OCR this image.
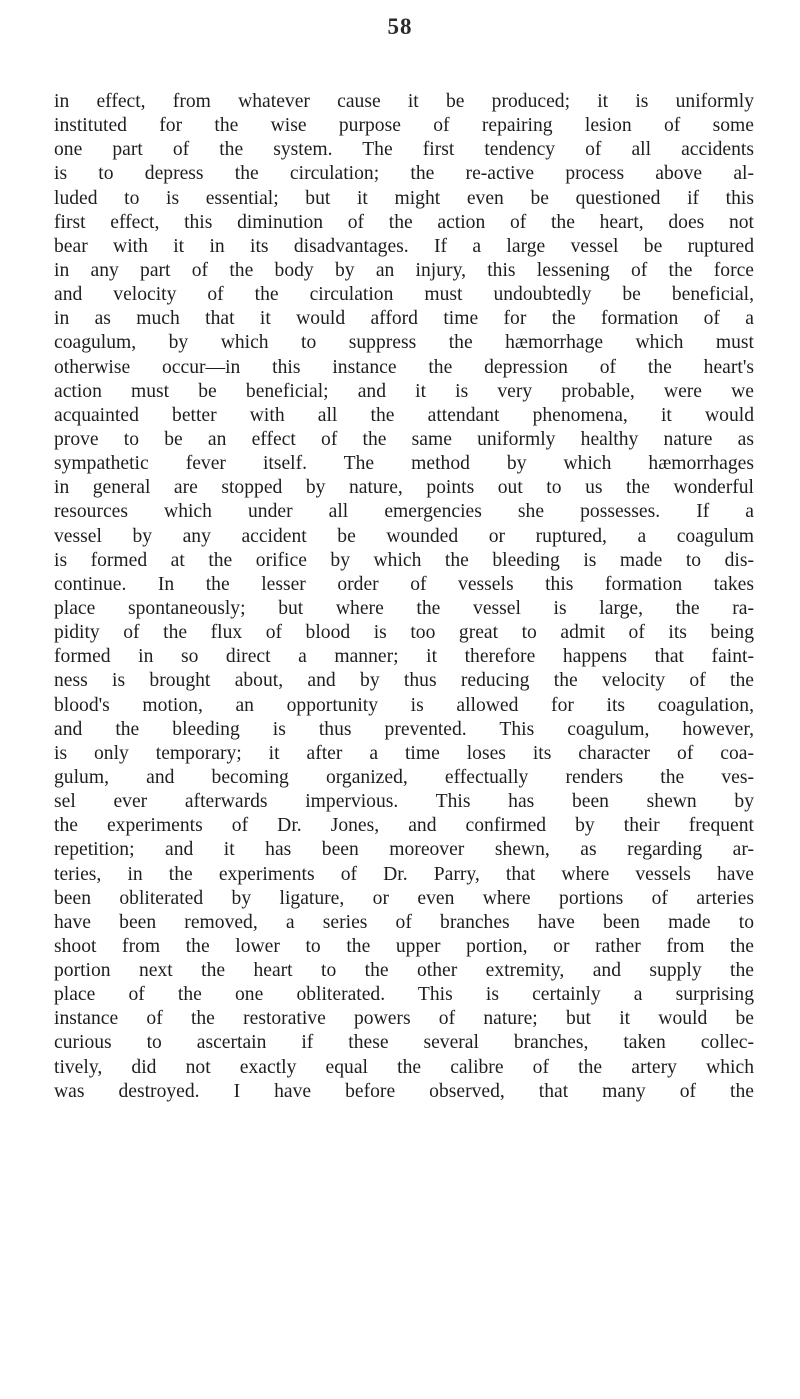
58
in effect, from whatever cause it be produced; it is uniformly
instituted for the wise purpose of repairing lesion of some
one part of the system. The first tendency of all accidents
is to depress the circulation; the re-active process above al-
luded to is essential; but it might even be questioned if this
first effect, this diminution of the action of the heart, does not
bear with it in its disadvantages. If a large vessel be ruptured
in any part of the body by an injury, this lessening of the force
and velocity of the circulation must undoubtedly be beneficial,
in as much that it would afford time for the formation of a
coagulum, by which to suppress the hæmorrhage which must
otherwise occur—in this instance the depression of the heart's
action must be beneficial; and it is very probable, were we
acquainted better with all the attendant phenomena, it would
prove to be an effect of the same uniformly healthy nature as
sympathetic fever itself. The method by which hæmorrhages
in general are stopped by nature, points out to us the wonderful
resources which under all emergencies she possesses. If a
vessel by any accident be wounded or ruptured, a coagulum
is formed at the orifice by which the bleeding is made to dis-
continue. In the lesser order of vessels this formation takes
place spontaneously; but where the vessel is large, the ra-
pidity of the flux of blood is too great to admit of its being
formed in so direct a manner; it therefore happens that faint-
ness is brought about, and by thus reducing the velocity of the
blood's motion, an opportunity is allowed for its coagulation,
and the bleeding is thus prevented. This coagulum, however,
is only temporary; it after a time loses its character of coa-
gulum, and becoming organized, effectually renders the ves-
sel ever afterwards impervious. This has been shewn by
the experiments of Dr. Jones, and confirmed by their frequent
repetition; and it has been moreover shewn, as regarding ar-
teries, in the experiments of Dr. Parry, that where vessels have
been obliterated by ligature, or even where portions of arteries
have been removed, a series of branches have been made to
shoot from the lower to the upper portion, or rather from the
portion next the heart to the other extremity, and supply the
place of the one obliterated. This is certainly a surprising
instance of the restorative powers of nature; but it would be
curious to ascertain if these several branches, taken collec-
tively, did not exactly equal the calibre of the artery which
was destroyed. I have before observed, that many of the
